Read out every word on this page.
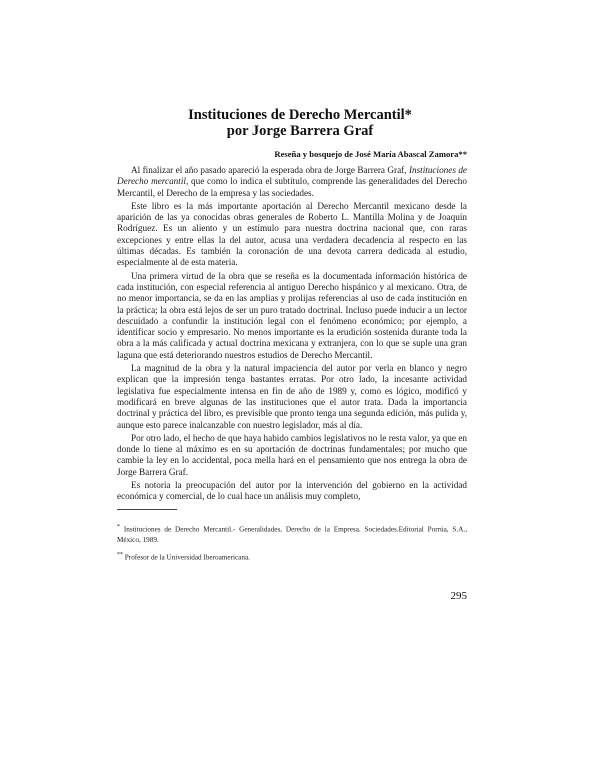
Instituciones de Derecho Mercantil*
por Jorge Barrera Graf
Reseña y bosquejo de José María Abascal Zamora**

Al finalizar el año pasado apareció la esperada obra de Jorge Barrera Graf, Instituciones de Derecho mercantil, que como lo indica el subtítulo, comprende las generalidades del Derecho Mercantil, el Derecho de la empresa y las sociedades.

Este libro es la más importante aportación al Derecho Mercantil mexicano desde la aparición de las ya conocidas obras generales de Roberto L. Mantilla Molina y de Joaquín Rodríguez. Es un aliento y un estímulo para nuestra doctrina nacional que, con raras excepciones y entre ellas la del autor, acusa una verdadera decadencia al respecto en las últimas décadas. Es también la coronación de una devota carrera dedicada al estudio, especialmente al de esta materia.

Una primera virtud de la obra que se reseña es la documentada información histórica de cada institución, con especial referencia al antiguo Derecho hispánico y al mexicano. Otra, de no menor importancia, se da en las amplias y prolijas referencias al uso de cada institución en la práctica; la obra está lejos de ser un puro tratado doctrinal. Incluso puede inducir a un lector descuidado a confundir la institución legal con el fenómeno económico; por ejemplo, a identificar socio y empresario. No menos importante es la erudición sostenida durante toda la obra a la más calificada y actual doctrina mexicana y extranjera, con lo que se suple una gran laguna que está deteriorando nuestros estudios de Derecho Mercantil.

La magnitud de la obra y la natural impaciencia del autor por verla en blanco y negro explican que la impresión tenga bastantes erratas. Por otro lado, la incesante actividad legislativa fue especialmente intensa en fin de año de 1989 y, como es lógico, modificó y modificará en breve algunas de las instituciones que el autor trata. Dada la importancia doctrinal y práctica del libro, es previsible que pronto tenga una segunda edición, más pulida y, aunque esto parece inalcanzable con nuestro legislador, más al día.

Por otro lado, el hecho de que haya habido cambios legislativos no le resta valor, ya que en donde lo tiene al máximo es en su aportación de doctrinas fundamentales; por mucho que cambie la ley en lo accidental, poca mella hará en el pensamiento que nos entrega la obra de Jorge Barrera Graf.

Es notoria la preocupación del autor por la intervención del gobierno en la actividad económica y comercial, de lo cual hace un análisis muy completo,

* Instituciones de Derecho Mercantil.- Generalidades, Derecho de la Empresa. Sociedades.Editorial Porrúa, S.A., México, 1989.
** Profesor de la Universidad Iberoamericana.
295
